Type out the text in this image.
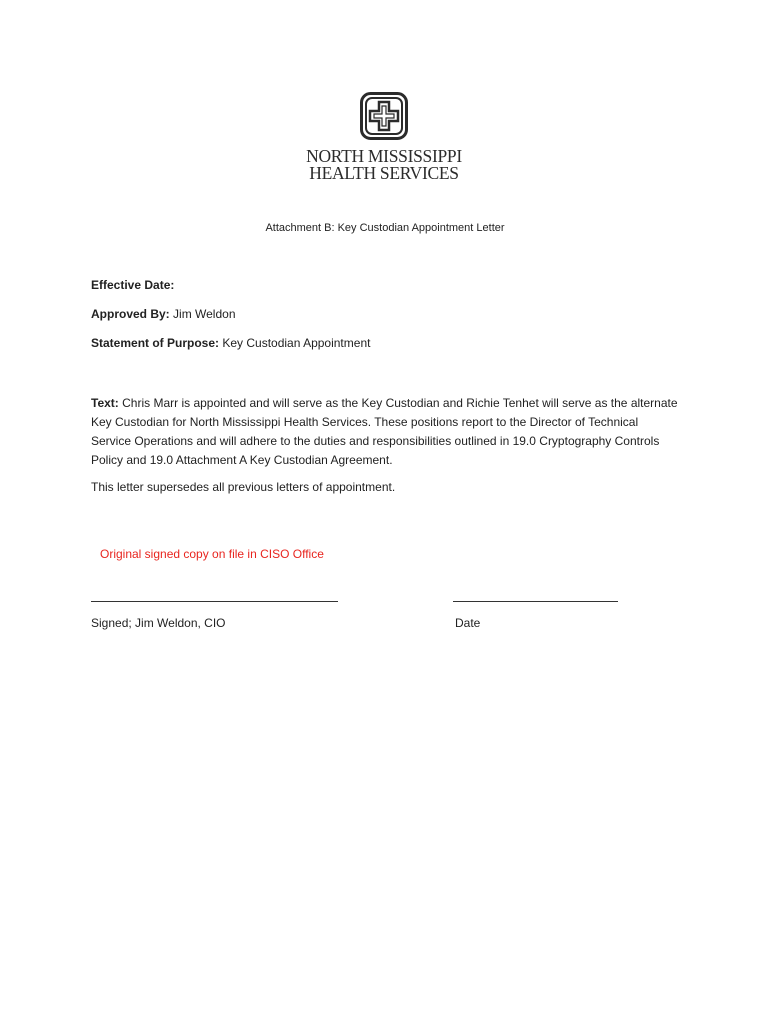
NORTH MISSISSIPPI
HEALTH SERVICES
Attachment B: Key Custodian Appointment Letter
Effective Date:
Approved By: Jim Weldon
Statement of Purpose: Key Custodian Appointment
Text: Chris Marr is appointed and will serve as the Key Custodian and Richie Tenhet will serve as the alternate Key Custodian for North Mississippi Health Services. These positions report to the Director of Technical Service Operations and will adhere to the duties and responsibilities outlined in 19.0 Cryptography Controls Policy and 19.0 Attachment A Key Custodian Agreement.
This letter supersedes all previous letters of appointment.
Original signed copy on file in CISO Office
Signed; Jim Weldon, CIO	Date
